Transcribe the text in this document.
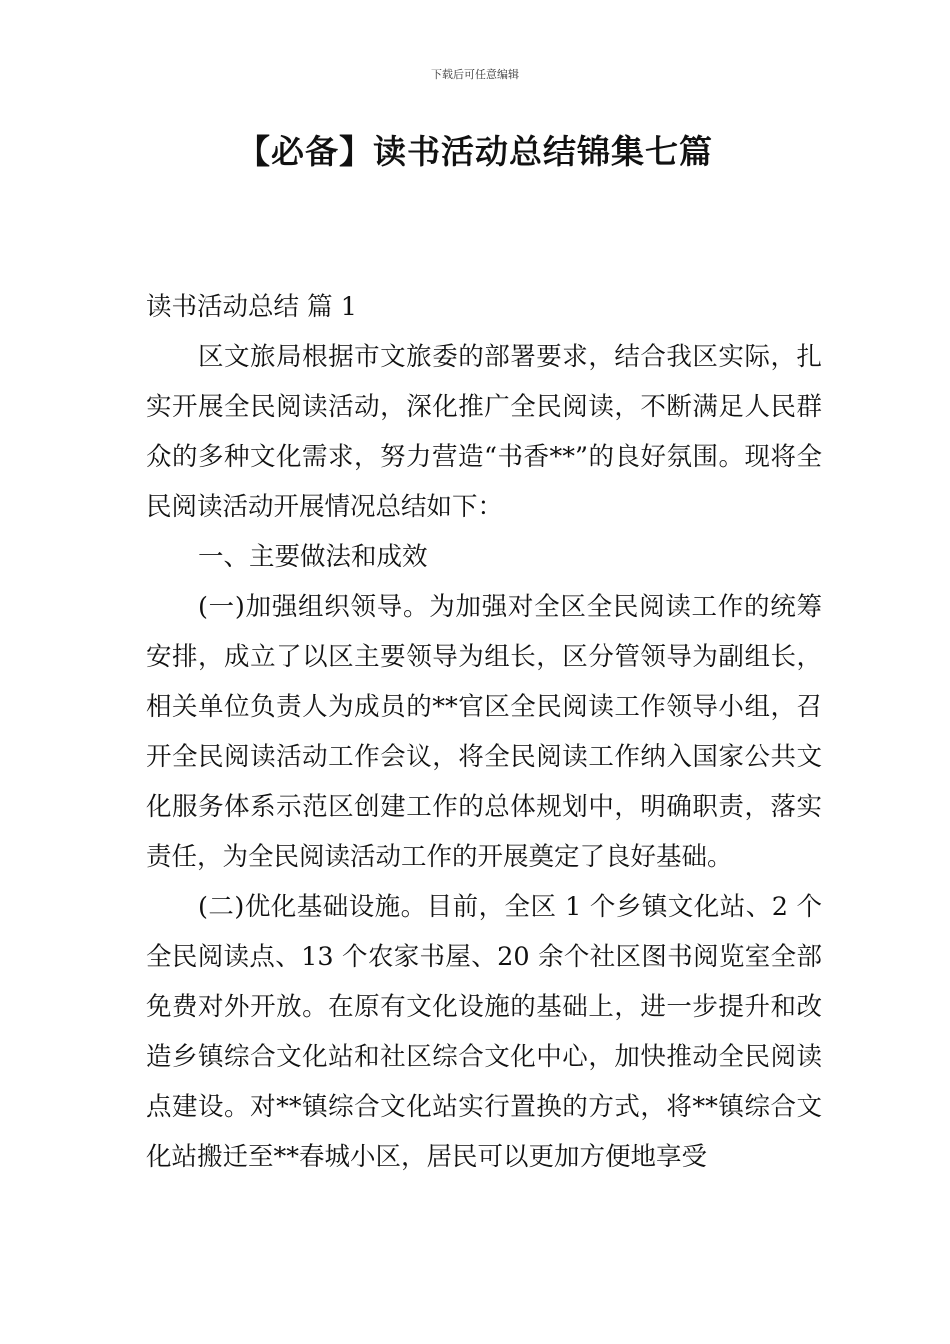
下载后可任意编辑
【必备】读书活动总结锦集七篇

读书活动总结 篇 1

区文旅局根据市文旅委的部署要求，结合我区实际，扎实开展全民阅读活动，深化推广全民阅读，不断满足人民群众的多种文化需求，努力营造“书香**”的良好氛围。现将全民阅读活动开展情况总结如下：

一、主要做法和成效

(一)加强组织领导。为加强对全区全民阅读工作的统筹安排，成立了以区主要领导为组长，区分管领导为副组长，相关单位负责人为成员的**官区全民阅读工作领导小组，召开全民阅读活动工作会议，将全民阅读工作纳入国家公共文化服务体系示范区创建工作的总体规划中，明确职责，落实责任，为全民阅读活动工作的开展奠定了良好基础。

(二)优化基础设施。目前，全区 1 个乡镇文化站、2 个全民阅读点、13 个农家书屋、20 余个社区图书阅览室全部免费对外开放。在原有文化设施的基础上，进一步提升和改造乡镇综合文化站和社区综合文化中心，加快推动全民阅读点建设。对**镇综合文化站实行置换的方式，将**镇综合文化站搬迁至**春城小区，居民可以更加方便地享受
